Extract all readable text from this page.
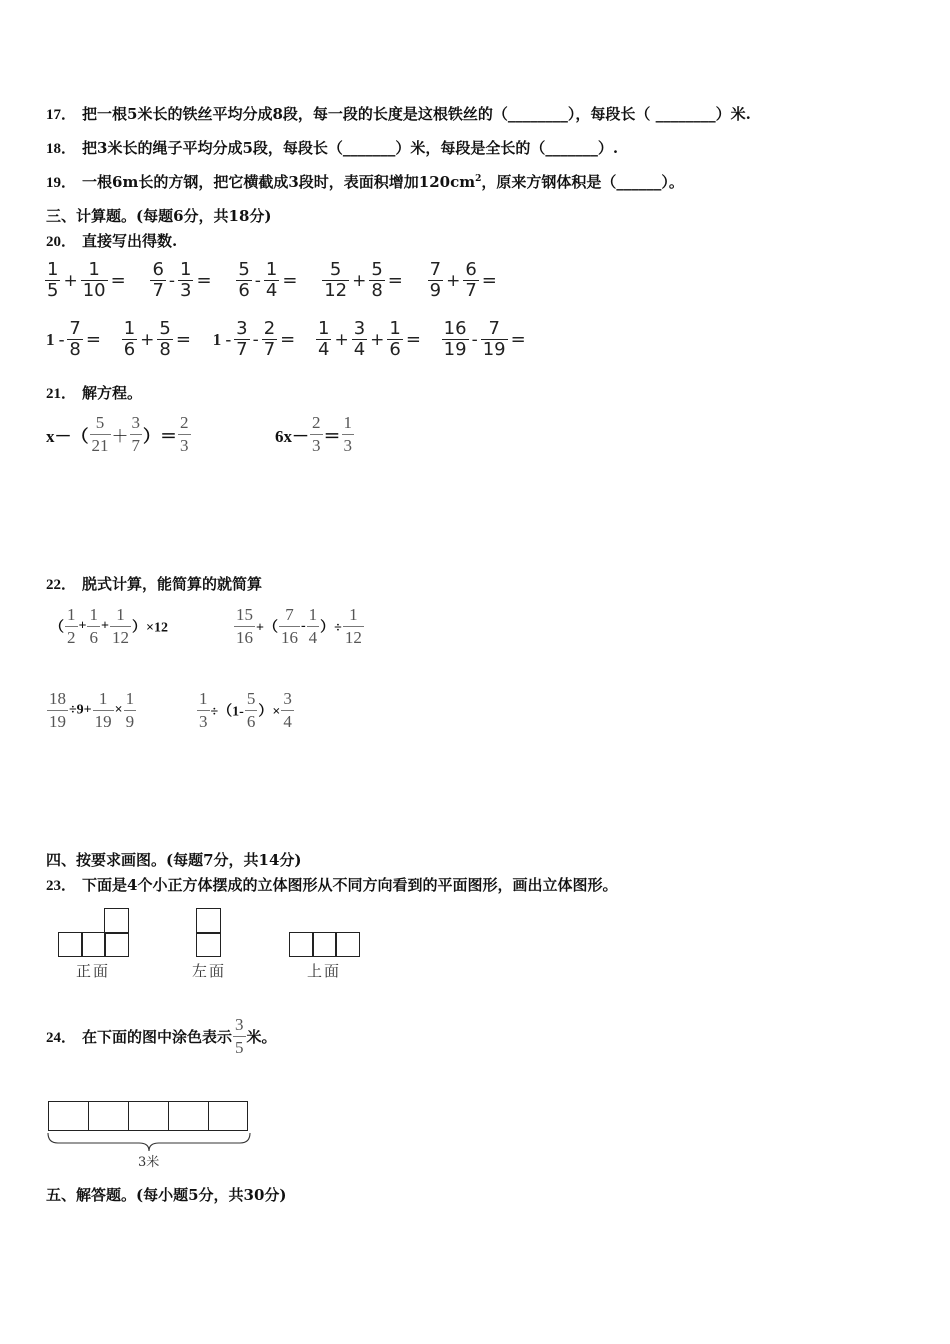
17． 把一根5米长的铁丝平均分成8段，每一段的长度是这根铁丝的（________），每段长（ ________）米.
18． 把3米长的绳子平均分成5段，每段长（_______）米，每段是全长的（_______）.
19． 一根6m长的方钢，把它横截成3段时，表面积增加$120cm^2$，原来方钢体积是（______）。
三、计算题。(每题6分，共18分)
20． 直接写出得数.
$\frac{1}{5} + \frac{1}{10} = \frac{6}{7} - \frac{1}{3} = \frac{5}{6} - \frac{1}{4} = \frac{5}{12} + \frac{5}{8} = \frac{7}{9} + \frac{6}{7}$ =
$1 - \frac{7}{8} = \frac{1}{6} + \frac{5}{8} = 1 - \frac{3}{7} - \frac{2}{7} = \frac{1}{4} + \frac{3}{4} + \frac{1}{6} = \frac{16}{19} - \frac{7}{19}$ =
21． 解方程。
$x-( \frac{5}{21} + \frac{3}{7}$ ）＝ $\frac{2}{3}$	$6x- \frac{2}{3} = \frac{1}{3}$
22． 脱式计算，能简算的就简算
（ $\frac{1}{2} + \frac{1}{6} + \frac{1}{12} )\times 12$	$\frac{15}{16}$ +（ $\frac{7}{16} - \frac{1}{4}$ ）÷ $\frac{1}{12}$
$\frac{18}{19} \div 9+ \frac{1}{19} \times \frac{1}{9}$	$\frac{1}{3} \div(1- \frac{5}{6}$ ）× $\frac{3}{4}$
四、按要求画图。(每题7分，共14分)
23． 下面是4个小正方体摆成的立体图形从不同方向看到的平面图形，画出立体图形。
正面	左面	上面
24． 在下面的图中涂色表示 $\frac{3}{5}$ 米。
3米
五、解答题。(每小题5分，共30分)
